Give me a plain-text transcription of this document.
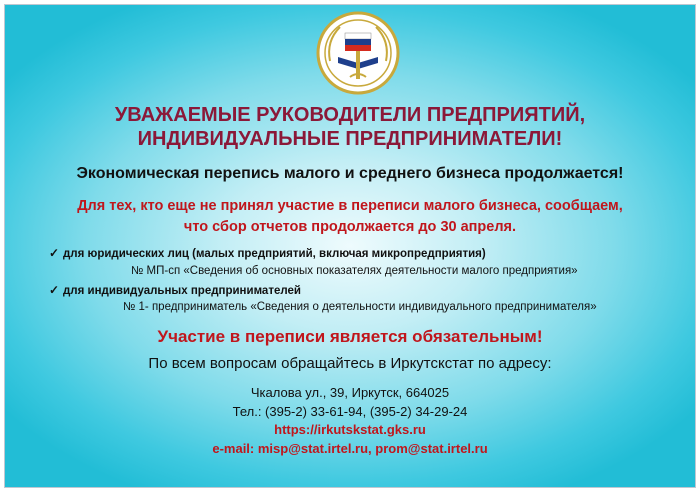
УВАЖАЕМЫЕ РУКОВОДИТЕЛИ ПРЕДПРИЯТИЙ,
ИНДИВИДУАЛЬНЫЕ ПРЕДПРИНИМАТЕЛИ!
Экономическая перепись малого и среднего бизнеса продолжается!
Для тех, кто еще не принял участие в переписи малого бизнеса, сообщаем,
что сбор отчетов продолжается до 30 апреля.
✓ для юридических лиц (малых предприятий, включая микропредприятия)
№ МП-сп «Сведения об основных показателях деятельности малого предприятия»
✓ для индивидуальных предпринимателей
№ 1- предприниматель «Сведения о деятельности индивидуального предпринимателя»
Участие в переписи является обязательным!
По всем вопросам обращайтесь в Иркутскстат по адресу:
Чкалова ул., 39, Иркутск, 664025
Тел.: (395-2) 33-61-94, (395-2) 34-29-24
https://irkutskstat.gks.ru
e-mail: misp@stat.irtel.ru, prom@stat.irtel.ru
